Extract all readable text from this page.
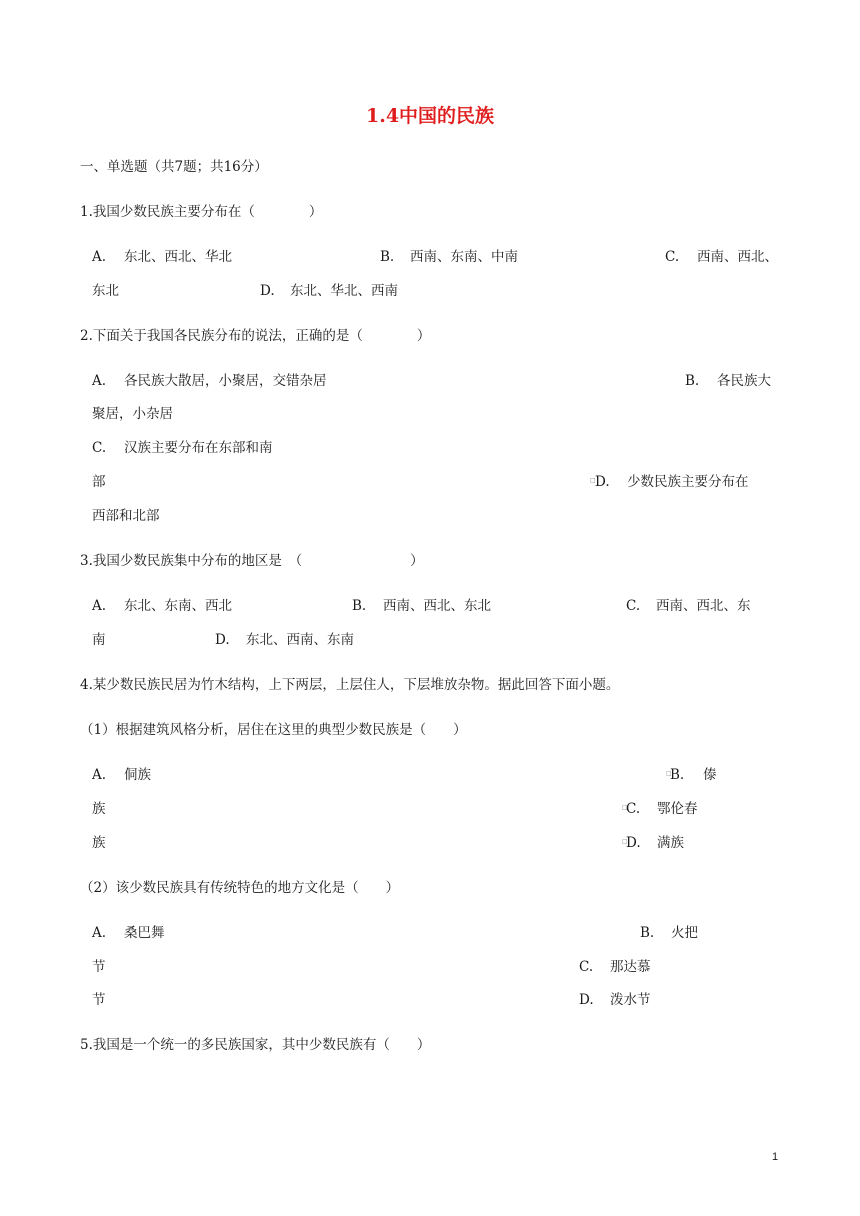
1.4中国的民族
一、单选题（共7题；共16分）
1.我国少数民族主要分布在（　　　　）
A. 东北、西北、华北	B. 西南、东南、中南	C. 西南、西北、
东北	D. 东北、华北、西南
2.下面关于我国各民族分布的说法，正确的是（　　　　）
A. 各民族大散居，小聚居，交错杂居	B. 各民族大
聚居，小杂居
C. 汉族主要分布在东部和南
部	□ D. 少数民族主要分布在
西部和北部
3.我国少数民族集中分布的地区是　（　　　　　　　　）
A. 东北、东南、西北	B. 西南、西北、东北	C. 西南、西北、东
南	D. 东北、西南、东南
4.某少数民族民居为竹木结构，上下两层，上层住人，下层堆放杂物。据此回答下面小题。
（1）根据建筑风格分析，居住在这里的典型少数民族是（　　）
A. 侗族	□
B. 傣
族	□
C. 鄂伦春
族	□
D. 满族
（2）该少数民族具有传统特色的地方文化是（　　）
A. 桑巴舞	B. 火把
节	C. 那达慕
节	D. 泼水节
5.我国是一个统一的多民族国家，其中少数民族有（　　）
1
